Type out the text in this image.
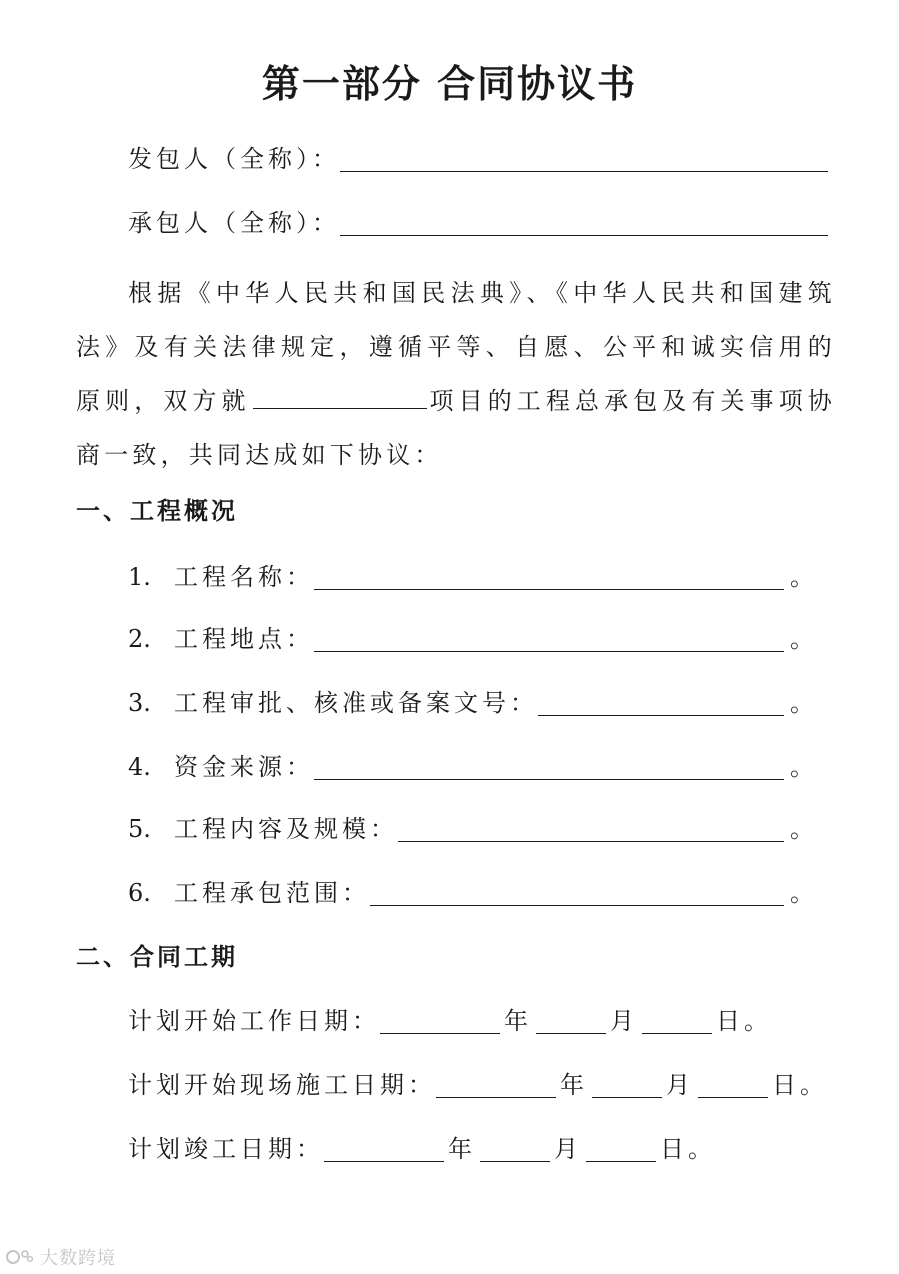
第一部分 合同协议书
发包人（全称）：
承包人（全称）：

根据《中华人民共和国民法典》、《中华人民共和国建筑法》及有关法律规定，遵循平等、自愿、公平和诚实信用的原则，双方就	项目的工程总承包及有关事项协商一致，共同达成如下协议：

一、工程概况
1. 工程名称：	。
2. 工程地点：	。
3. 工程审批、核准或备案文号：	。
4. 资金来源：	。
5. 工程内容及规模：	。
6. 工程承包范围：	。
二、合同工期
计划开始工作日期：	年	月	日。
计划开始现场施工日期：	年	月	日。
计划竣工日期：	年	月	日。
大数跨境
